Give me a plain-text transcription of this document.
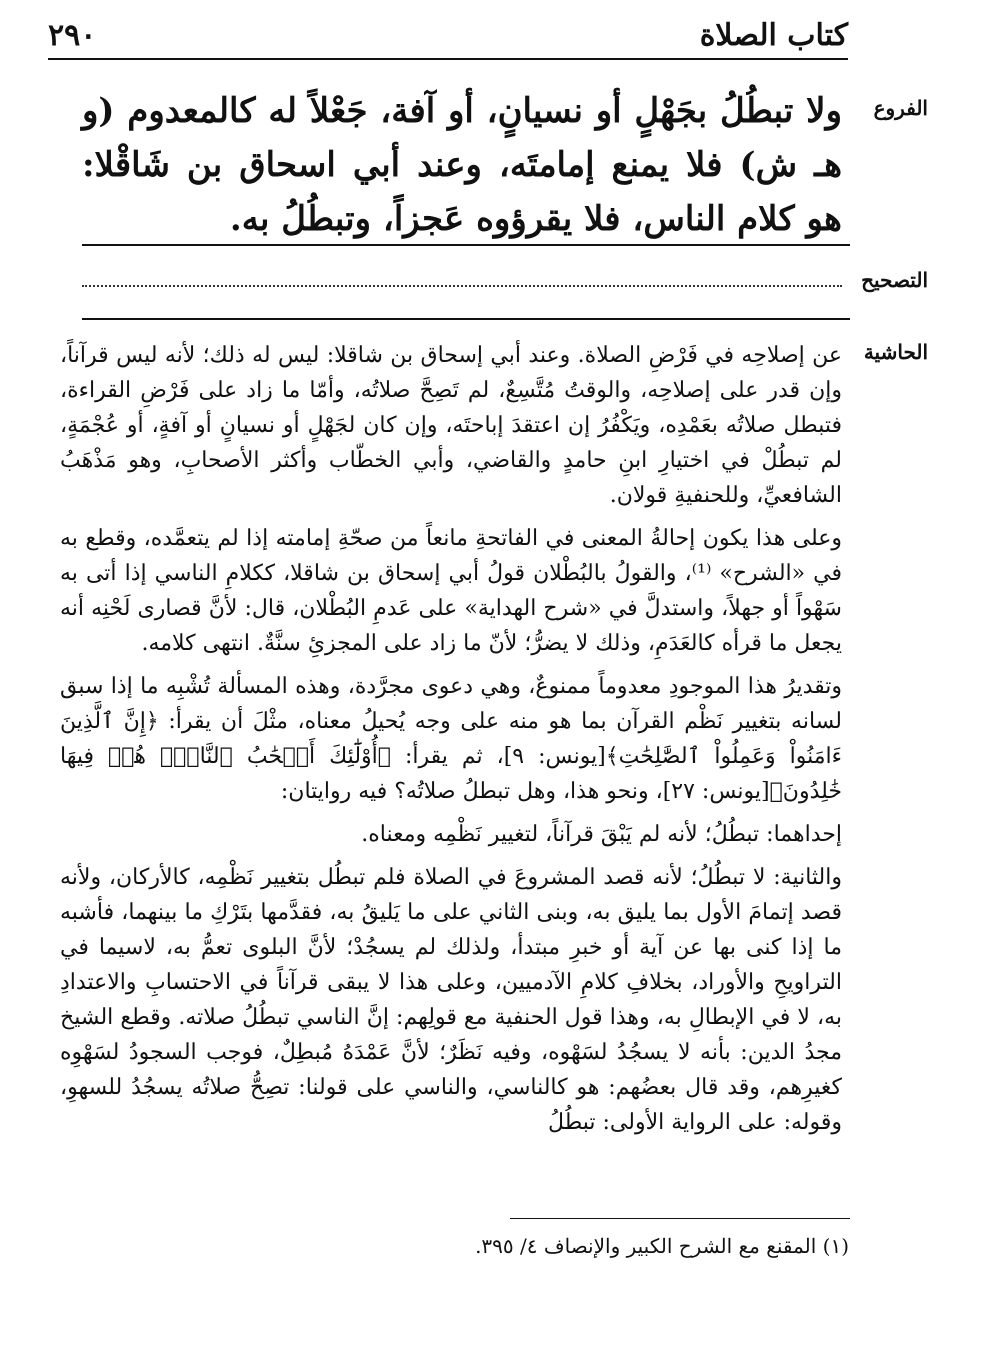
٢٩٠	كتاب الصلاة
الفروع
ولا تبطُلُ بجَهْلٍ أو نسيانٍ، أو آفة، جَعْلاً له كالمعدوم (و هـ ش) فلا يمنع إمامتَه، وعند أبي اسحاق بن شَاقْلا: هو كلام الناس، فلا يقرؤوه عَجزاً، وتبطُلُ به.
التصحيح
الحاشية

عن إصلاحِه في فَرْضِ الصلاة. وعند أبي إسحاق بن شاقلا: ليس له ذلك؛ لأنه ليس قرآناً، وإن قدر على إصلاحِه، والوقتُ مُتَّسِعٌ، لم تَصِحَّ صلاتُه، وأمّا ما زاد على فَرْضِ القراءة، فتبطل صلاتُه بعَمْدِه، ويَكْفُرُ إن اعتقدَ إباحتَه، وإن كان لجَهْلٍ أو نسيانٍ أو آفةٍ، أو عُجْمَةٍ، لم تبطُلْ في اختيارِ ابنِ حامدٍ والقاضي، وأبي الخطّاب وأكثر الأصحابِ، وهو مَذْهَبُ الشافعيِّ، وللحنفيةِ قولان.

وعلى هذا يكون إحالةُ المعنى في الفاتحةِ مانعاً من صحّةِ إمامته إذا لم يتعمَّده، وقطع به في «الشرح» ⁽¹⁾، والقولُ بالبُطْلان قولُ أبي إسحاق بن شاقلا، ككلامِ الناسي إذا أتى به سَهْواً أو جهلاً، واستدلَّ في «شرح الهداية» على عَدمِ البُطْلان، قال: لأنَّ قصارى لَحْنِه أنه يجعل ما قرأه كالعَدَمِ، وذلك لا يضرُّ؛ لأنّ ما زاد على المجزئِ سنَّةٌ. انتهى كلامه.

وتقديرُ هذا الموجودِ معدوماً ممنوعٌ، وهي دعوى مجرَّدة، وهذه المسألة تُشْبِه ما إذا سبق لسانه بتغيير نَظْم القرآن بما هو منه على وجه يُحيلُ معناه، مثْلَ أن يقرأ: ﴿إِنَّ ٱلَّذِينَ ءَامَنُواْ وَعَمِلُواْ ٱلصَّٰلِحَٰتِ﴾[يونس: ٩]، ثم يقرأ: ﴿أُوْلَٰٓئِكَ أَصۡحَٰبُ ٱلنَّارِۖ هُمۡ فِيهَا خَٰلِدُونَ﴾[يونس: ٢٧]، ونحو هذا، وهل تبطلُ صلاتُه؟ فيه روايتان:

إحداهما: تبطُلُ؛ لأنه لم يَبْقَ قرآناً، لتغيير نَظْمِه ومعناه.

والثانية: لا تبطُلُ؛ لأنه قصد المشروعَ في الصلاة فلم تبطُل بتغيير نَظْمِه، كالأركان، ولأنه قصد إتمامَ الأول بما يليق به، وبنى الثاني على ما يَليقُ به، فقدَّمها بتَرْكِ ما بينهما، فأشبه ما إذا كنى بها عن آية أو خبرِ مبتدأ، ولذلك لم يسجُدْ؛ لأنَّ البلوى تعمُّ به، لاسيما في التراويحِ والأوراد، بخلافِ كلامِ الآدميين، وعلى هذا لا يبقى قرآناً في الاحتسابِ والاعتدادِ به، لا في الإبطالِ به، وهذا قول الحنفية مع قولِهم: إنَّ الناسي تبطُلُ صلاته. وقطع الشيخ مجدُ الدين: بأنه لا يسجُدُ لسَهْوه، وفيه نَظَرٌ؛ لأنَّ عَمْدَهُ مُبطِلٌ، فوجب السجودُ لسَهْوِه كغيرِهم، وقد قال بعضُهم: هو كالناسي، والناسي على قولنا: تصِحُّ صلاتُه يسجُدُ للسهوِ، وقوله: على الرواية الأولى: تبطُلُ

(١) المقنع مع الشرح الكبير والإنصاف ٤/ ٣٩٥.
